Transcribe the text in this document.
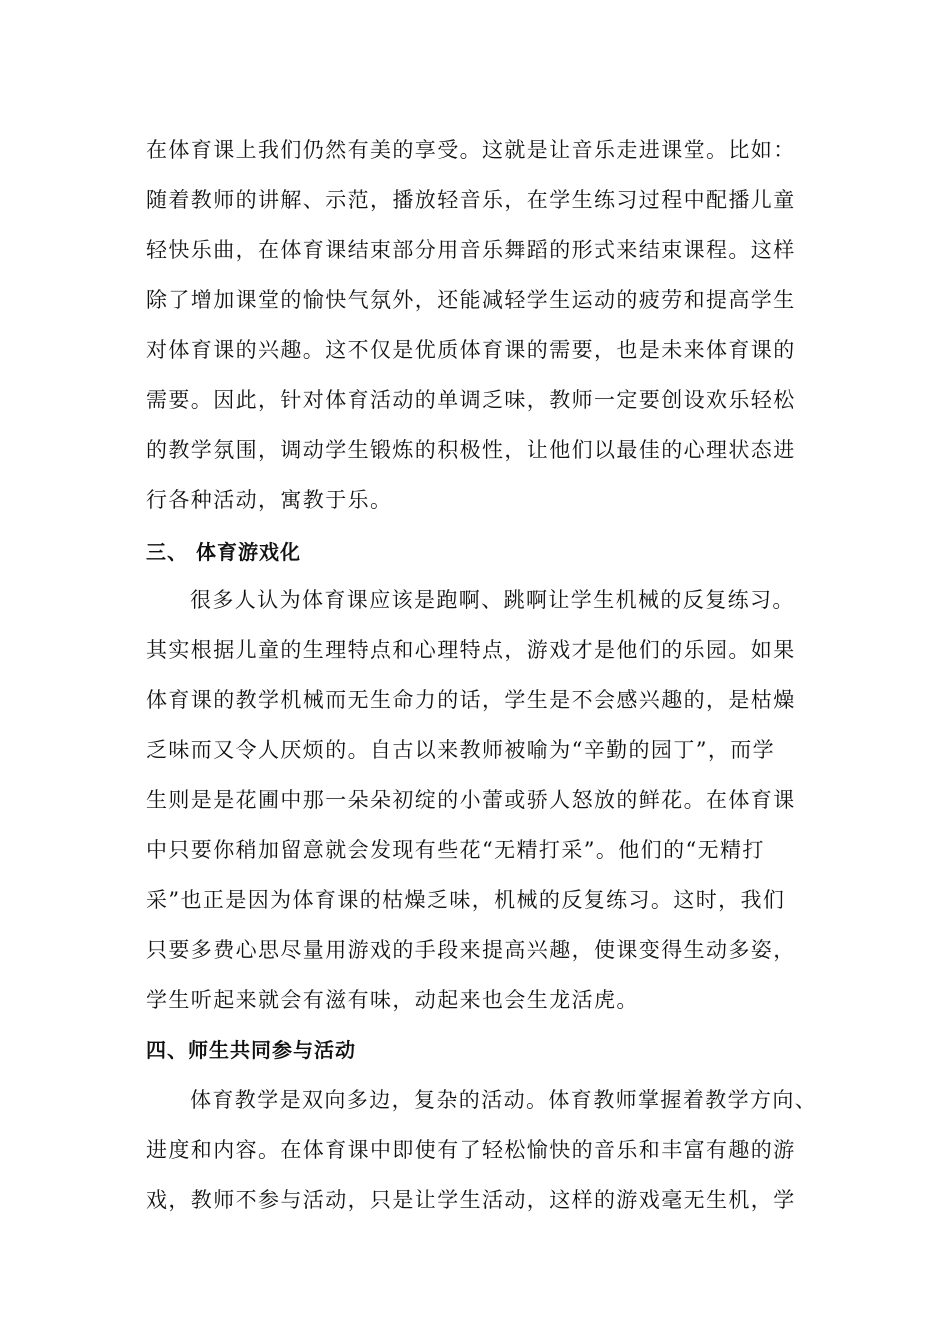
在体育课上我们仍然有美的享受。这就是让音乐走进课堂。比如：
随着教师的讲解、示范，播放轻音乐，在学生练习过程中配播儿童
轻快乐曲，在体育课结束部分用音乐舞蹈的形式来结束课程。这样
除了增加课堂的愉快气氛外，还能减轻学生运动的疲劳和提高学生
对体育课的兴趣。这不仅是优质体育课的需要，也是未来体育课的
需要。因此，针对体育活动的单调乏味，教师一定要创设欢乐轻松
的教学氛围，调动学生锻炼的积极性，让他们以最佳的心理状态进
行各种活动，寓教于乐。
三、 体育游戏化
很多人认为体育课应该是跑啊、跳啊让学生机械的反复练习。
其实根据儿童的生理特点和心理特点，游戏才是他们的乐园。如果
体育课的教学机械而无生命力的话，学生是不会感兴趣的，是枯燥
乏味而又令人厌烦的。自古以来教师被喻为“辛勤的园丁”，而学
生则是是花圃中那一朵朵初绽的小蕾或骄人怒放的鲜花。在体育课
中只要你稍加留意就会发现有些花“无精打采”。他们的“无精打
采”也正是因为体育课的枯燥乏味，机械的反复练习。这时，我们
只要多费心思尽量用游戏的手段来提高兴趣，使课变得生动多姿，
学生听起来就会有滋有味，动起来也会生龙活虎。
四、师生共同参与活动
体育教学是双向多边，复杂的活动。体育教师掌握着教学方向、
进度和内容。在体育课中即使有了轻松愉快的音乐和丰富有趣的游
戏，教师不参与活动，只是让学生活动，这样的游戏毫无生机，学
